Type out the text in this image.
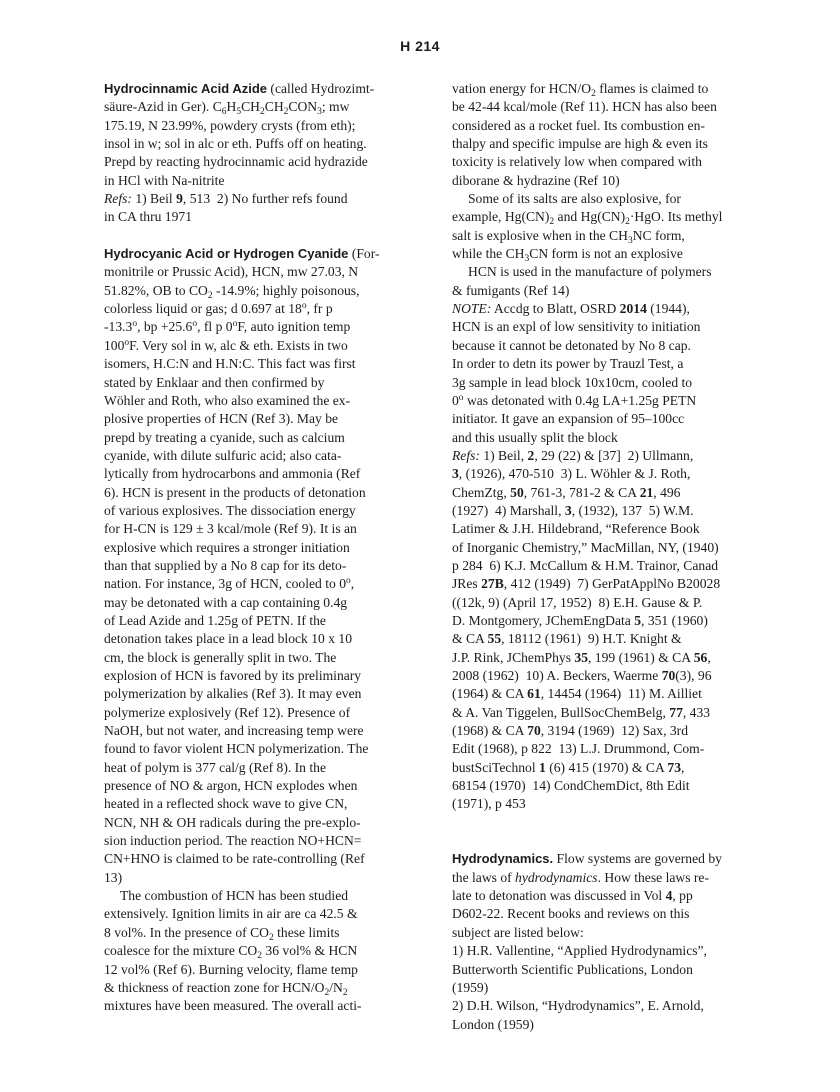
H 214
Hydrocinnamic Acid Azide (called Hydrozimt-
säure-Azid in Ger). $C_6H_5CH_2CH_2CON_3$; mw
175.19, N 23.99%, powdery crysts (from eth);
insol in w; sol in alc or eth. Puffs off on heating.
Prepd by reacting hydrocinnamic acid hydrazide
in HCl with Na-nitrite
Refs: 1) Beil 9, 513  2) No further refs found
in CA thru 1971
Hydrocyanic Acid or Hydrogen Cyanide (For-
monitrile or Prussic Acid), HCN, mw 27.03, N
51.82%, OB to $CO_2$ -14.9%; highly poisonous,
colorless liquid or gas; d 0.697 at 18$^o$, fr p
-13.3$^o$, bp $+25.6^o$, fl p 0$^o$F, auto ignition temp
100$^o$F. Very sol in w, alc & eth. Exists in two
isomers, H.C:N and H.N:C. This fact was first
stated by Enklaar and then confirmed by
Wöhler and Roth, who also examined the ex-
plosive properties of HCN (Ref 3). May be
prepd by treating a cyanide, such as calcium
cyanide, with dilute sulfuric acid; also cata-
lytically from hydrocarbons and ammonia (Ref
6). HCN is present in the products of detonation
of various explosives. The dissociation energy
for H-CN is 129 ± 3 kcal/mole (Ref 9). It is an
explosive which requires a stronger initiation
than that supplied by a No 8 cap for its deto-
nation. For instance, 3g of HCN, cooled to 0$^o$,
may be detonated with a cap containing 0.4g
of Lead Azide and 1.25g of PETN. If the
detonation takes place in a lead block 10 x 10
cm, the block is generally split in two. The
explosion of HCN is favored by its preliminary
polymerization by alkalies (Ref 3). It may even
polymerize explosively (Ref 12). Presence of
NaOH, but not water, and increasing temp were
found to favor violent HCN polymerization. The
heat of polym is 377 cal/g (Ref 8). In the
presence of NO & argon, HCN explodes when
heated in a reflected shock wave to give CN,
NCN, NH & OH radicals during the pre-explo-
sion induction period. The reaction NO+HCN=
CN+HNO is claimed to be rate-controlling (Ref
13)
The combustion of HCN has been studied
extensively. Ignition limits in air are ca 42.5 &
8 vol%. In the presence of $CO_2$ these limits
coalesce for the mixture $CO_2$ 36 vol% & HCN
12 vol% (Ref 6). Burning velocity, flame temp
& thickness of reaction zone for HCN/$O_2/N_2$
mixtures have been measured. The overall acti-
vation energy for HCN/$O_2$ flames is claimed to
be 42-44 kcal/mole (Ref 11). HCN has also been
considered as a rocket fuel. Its combustion en-
thalpy and specific impulse are high & even its
toxicity is relatively low when compared with
diborane & hydrazine (Ref 10)
Some of its salts are also explosive, for
example, $Hg(CN)_2$ and $Hg(CN)_2\cdot HgO$. Its methyl
salt is explosive when in the $CH_3NC$ form,
while the $CH_3CN$ form is not an explosive
HCN is used in the manufacture of polymers
& fumigants (Ref 14)
NOTE: Accdg to Blatt, OSRD 2014 (1944),
HCN is an expl of low sensitivity to initiation
because it cannot be detonated by No 8 cap.
In order to detn its power by Trauzl Test, a
3g sample in lead block 10x10cm, cooled to
0$^o$ was detonated with 0.4g LA+1.25g PETN
initiator. It gave an expansion of 95–100cc
and this usually split the block
Refs: 1) Beil, 2, 29 (22) & [37]  2) Ullmann,
3, (1926), 470-510  3) L. Wöhler & J. Roth,
ChemZtg, 50, 761-3, 781-2 & CA 21, 496
(1927)  4) Marshall, 3, (1932), 137  5) W.M.
Latimer & J.H. Hildebrand, “Reference Book
of Inorganic Chemistry,” MacMillan, NY, (1940)
p 284  6) K.J. McCallum & H.M. Trainor, Canad
JRes 27B, 412 (1949)  7) GerPatApplNo B20028
((12k, 9) (April 17, 1952)  8) E.H. Gause & P.
D. Montgomery, JChemEngData 5, 351 (1960)
& CA 55, 18112 (1961)  9) H.T. Knight &
J.P. Rink, JChemPhys 35, 199 (1961) & CA 56,
2008 (1962)  10) A. Beckers, Waerme 70(3), 96
(1964) & CA 61, 14454 (1964)  11) M. Ailliet
& A. Van Tiggelen, BullSocChemBelg, 77, 433
(1968) & CA 70, 3194 (1969)  12) Sax, 3rd
Edit (1968), p 822  13) L.J. Drummond, Com-
bustSciTechnol 1 (6) 415 (1970) & CA 73,
68154 (1970)  14) CondChemDict, 8th Edit
(1971), p 453
Hydrodynamics. Flow systems are governed by
the laws of hydrodynamics. How these laws re-
late to detonation was discussed in Vol 4, pp
D602-22. Recent books and reviews on this
subject are listed below:
1) H.R. Vallentine, “Applied Hydrodynamics”,
Butterworth Scientific Publications, London
(1959)
2) D.H. Wilson, “Hydrodynamics”, E. Arnold,
London (1959)
